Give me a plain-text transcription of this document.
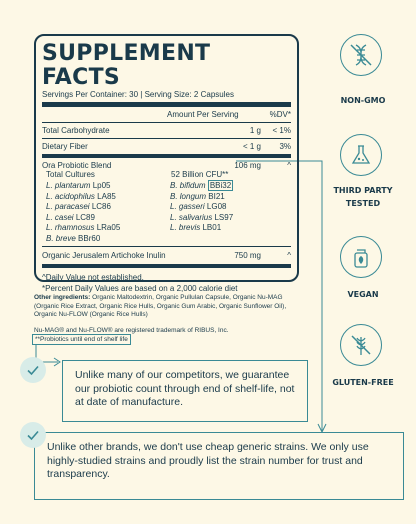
SUPPLEMENT FACTS
Servings Per Container: 30 | Serving Size: 2 Capsules
Amount Per Serving	%DV*
Total Carbohydrate	1 g	< 1%
Dietary Fiber	< 1 g	3%
Ora Probiotic Blend	106 mg	^
Total Cultures	52 Billion CFU**
L. plantarum Lp05	B. bifidum BBi32
L. acidophilus LA85	B. longum BI21
L. paracasei LC86	L. gasseri LG08
L. casei LC89	L. salivarius LS97
L. rhamnosus LRa05	L. brevis LB01
B. breve BBr60
Organic Jerusalem Artichoke Inulin	750 mg	^
^Daily Value not established.
*Percent Daily Values are based on a 2,000 calorie diet
Other ingredients: Organic Maltodextrin, Organic Pullulan Capsule, Organic Nu-MAG (Organic Rice Extract, Organic Rice Hulls, Organic Gum Arabic, Organic Sunflower Oil), Organic Nu-FLOW (Organic Rice Hulls)
Nu-MAG® and Nu-FLOW® are registered trademark of RIBUS, Inc.
**Probiotics until end of shelf life
Unlike many of our competitors, we guarantee our probiotic count through end of shelf-life, not at date of manufacture.
Unlike other brands, we don't use cheap generic strains. We only use highly-studied strains and proudly list the strain number for trust and transparency.
NON-GMO
THIRD PARTY TESTED
VEGAN
GLUTEN-FREE
